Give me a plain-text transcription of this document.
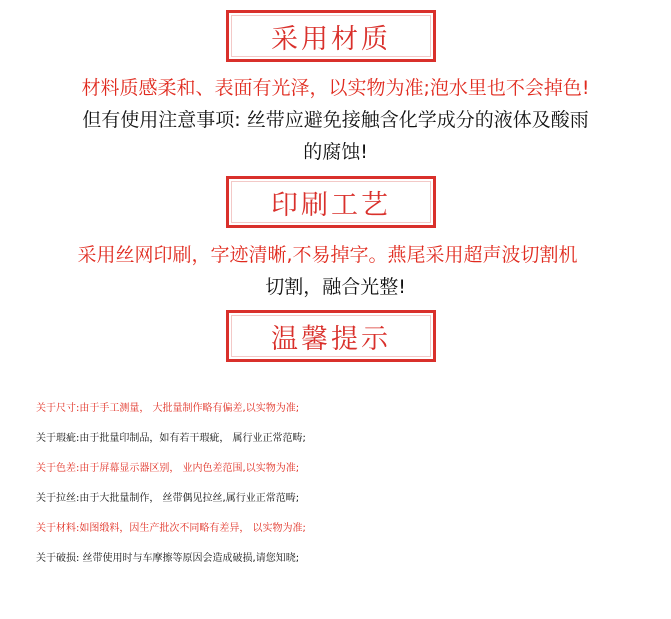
采用材质
材料质感柔和、表面有光泽，以实物为准;泡水里也不会掉色!
但有使用注意事项: 丝带应避免接触含化学成分的液体及酸雨
的腐蚀!
印刷工艺
采用丝网印刷，字迹清晰,不易掉字。燕尾采用超声波切割机
切割，融合光整!
温馨提示
关于尺寸:由于手工测量， 大批量制作略有偏差,以实物为准;
关于瑕疵:由于批量印制品，如有若干瑕疵， 属行业正常范畴;
关于色差:由于屏幕显示器区别， 业内色差范围,以实物为准;
关于拉丝:由于大批量制作， 丝带偶见拉丝,属行业正常范畴;
关于材料:如图缎料，因生产批次不同略有差异， 以实物为准;
关于破损: 丝带使用时与车摩擦等原因会造成破损,请您知晓;
